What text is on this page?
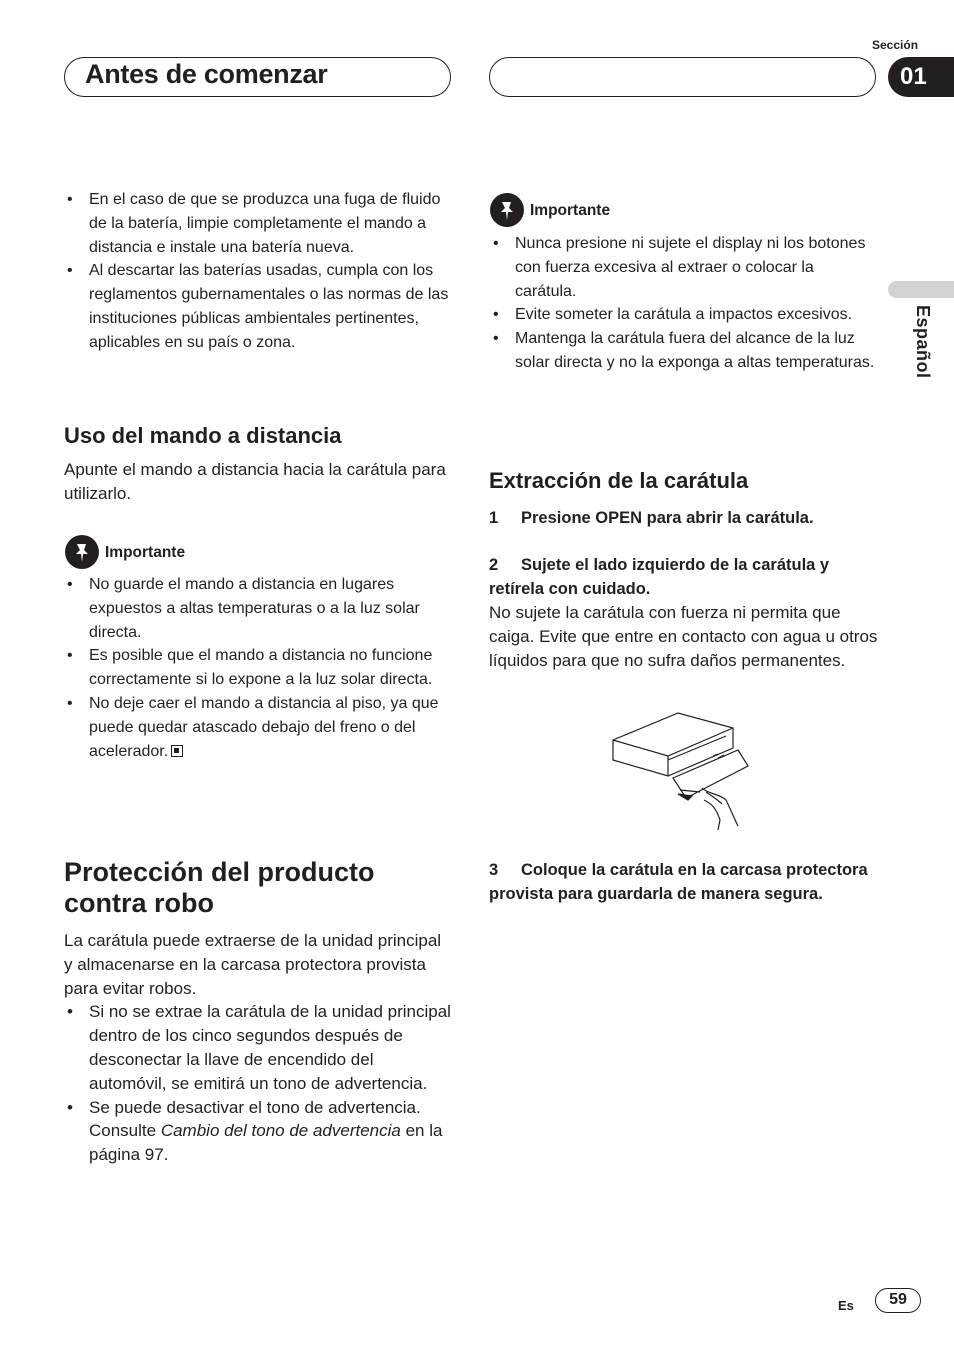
Antes de comenzar
Sección
01
Español
• En el caso de que se produzca una fuga de fluido de la batería, limpie completamente el mando a distancia e instale una batería nueva.
• Al descartar las baterías usadas, cumpla con los reglamentos gubernamentales o las normas de las instituciones públicas ambientales pertinentes, aplicables en su país o zona.
Uso del mando a distancia
Apunte el mando a distancia hacia la carátula para utilizarlo.
Importante
• No guarde el mando a distancia en lugares expuestos a altas temperaturas o a la luz solar directa.
• Es posible que el mando a distancia no funcione correctamente si lo expone a la luz solar directa.
• No deje caer el mando a distancia al piso, ya que puede quedar atascado debajo del freno o del acelerador.
Protección del producto contra robo
La carátula puede extraerse de la unidad principal y almacenarse en la carcasa protectora provista para evitar robos.
• Si no se extrae la carátula de la unidad principal dentro de los cinco segundos después de desconectar la llave de encendido del automóvil, se emitirá un tono de advertencia.
• Se puede desactivar el tono de advertencia. Consulte Cambio del tono de advertencia en la página 97.
Importante
• Nunca presione ni sujete el display ni los botones con fuerza excesiva al extraer o colocar la carátula.
• Evite someter la carátula a impactos excesivos.
• Mantenga la carátula fuera del alcance de la luz solar directa y no la exponga a altas temperaturas.
Extracción de la carátula
1 Presione OPEN para abrir la carátula.
2 Sujete el lado izquierdo de la carátula y retírela con cuidado.
No sujete la carátula con fuerza ni permita que caiga. Evite que entre en contacto con agua u otros líquidos para que no sufra daños permanentes.
3 Coloque la carátula en la carcasa protectora provista para guardarla de manera segura.
Es	59
